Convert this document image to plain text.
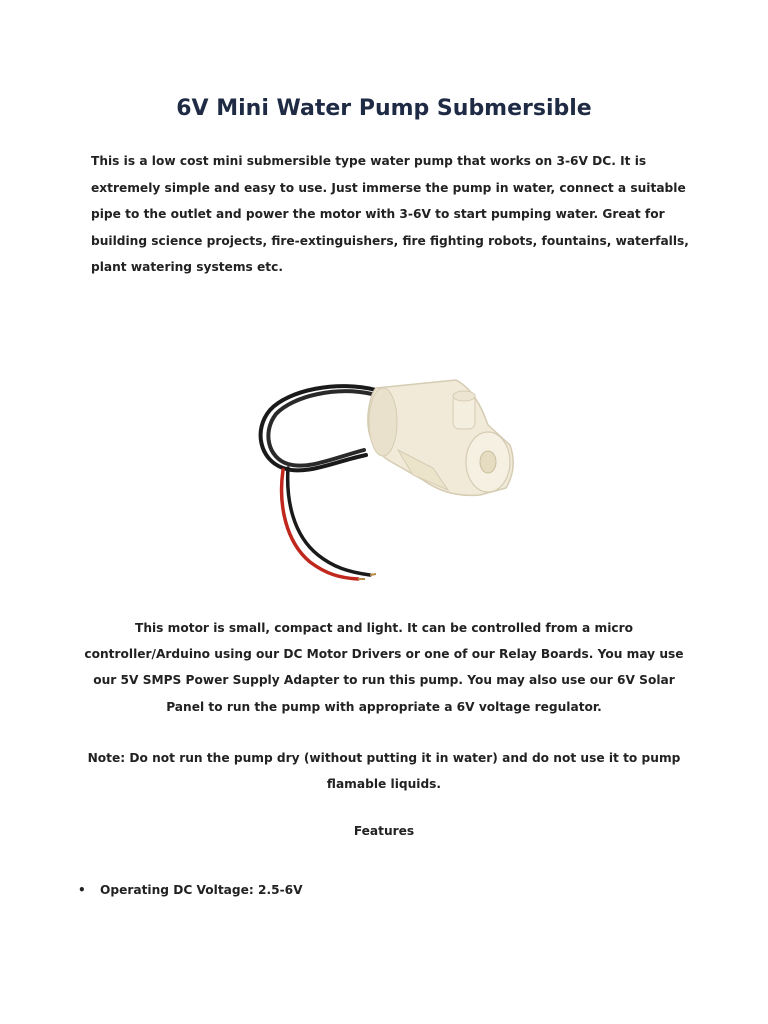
6V Mini Water Pump Submersible

This is a low cost mini submersible type water pump that works on 3-6V DC. It is extremely simple and easy to use. Just immerse the pump in water, connect a suitable pipe to the outlet and power the motor with 3-6V to start pumping water. Great for building science projects, fire-extinguishers, fire fighting robots, fountains, waterfalls, plant watering systems etc.

This motor is small, compact and light. It can be controlled from a micro controller/Arduino using our DC Motor Drivers or one of our Relay Boards. You may use our 5V SMPS Power Supply Adapter to run this pump. You may also use our 6V Solar Panel to run the pump with appropriate a 6V voltage regulator.

Note: Do not run the pump dry (without putting it in water) and do not use it to pump flamable liquids.

Features

• Operating DC Voltage: 2.5-6V
